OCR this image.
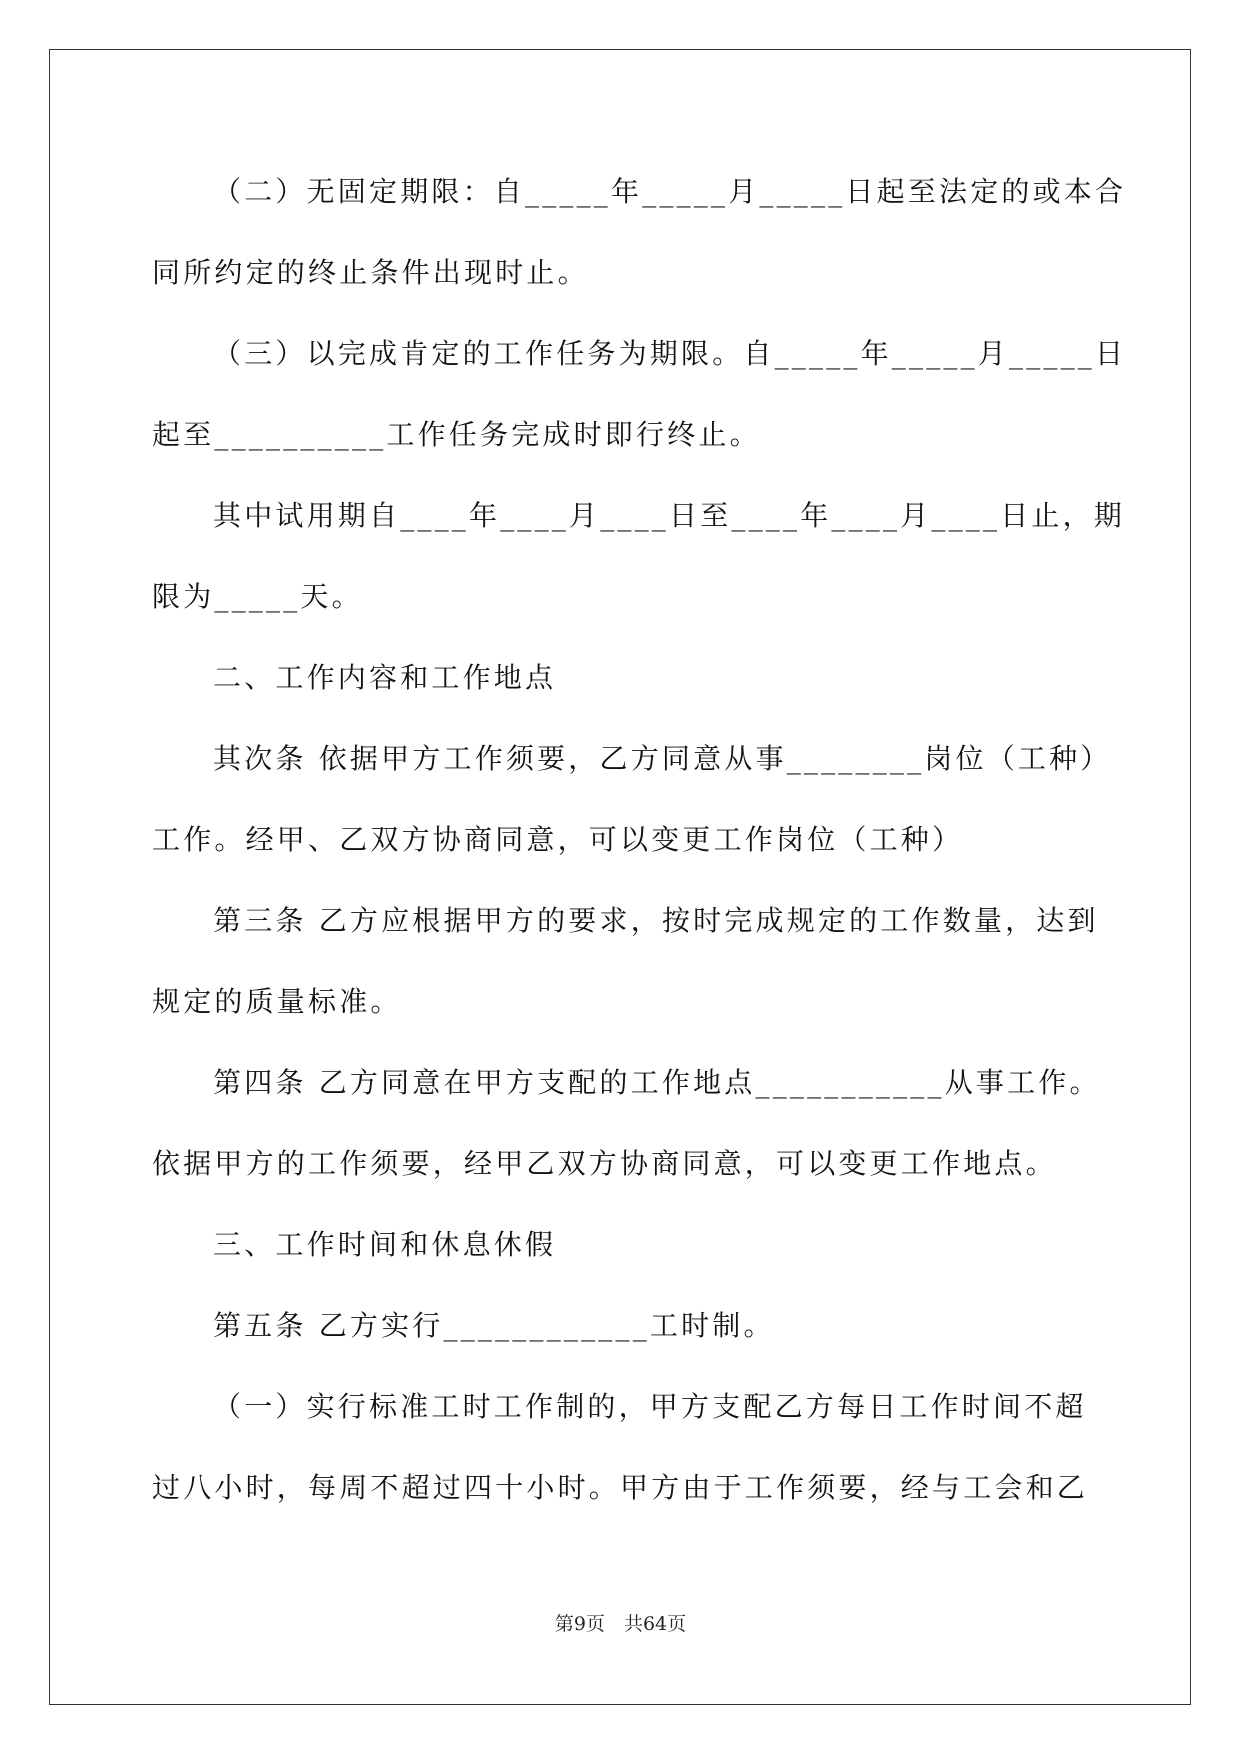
（二）无固定期限：自_____年_____月_____日起至法定的或本合
同所约定的终止条件出现时止。
（三）以完成肯定的工作任务为期限。自_____年_____月_____日
起至__________工作任务完成时即行终止。
其中试用期自____年____月____日至____年____月____日止，期
限为_____天。
二、工作内容和工作地点
其次条 依据甲方工作须要，乙方同意从事________岗位（工种）
工作。经甲、乙双方协商同意，可以变更工作岗位（工种）
第三条 乙方应根据甲方的要求，按时完成规定的工作数量，达到
规定的质量标准。
第四条 乙方同意在甲方支配的工作地点___________从事工作。
依据甲方的工作须要，经甲乙双方协商同意，可以变更工作地点。
三、工作时间和休息休假
第五条 乙方实行____________工时制。
（一）实行标准工时工作制的，甲方支配乙方每日工作时间不超
过八小时，每周不超过四十小时。甲方由于工作须要，经与工会和乙
第9页　共64页
